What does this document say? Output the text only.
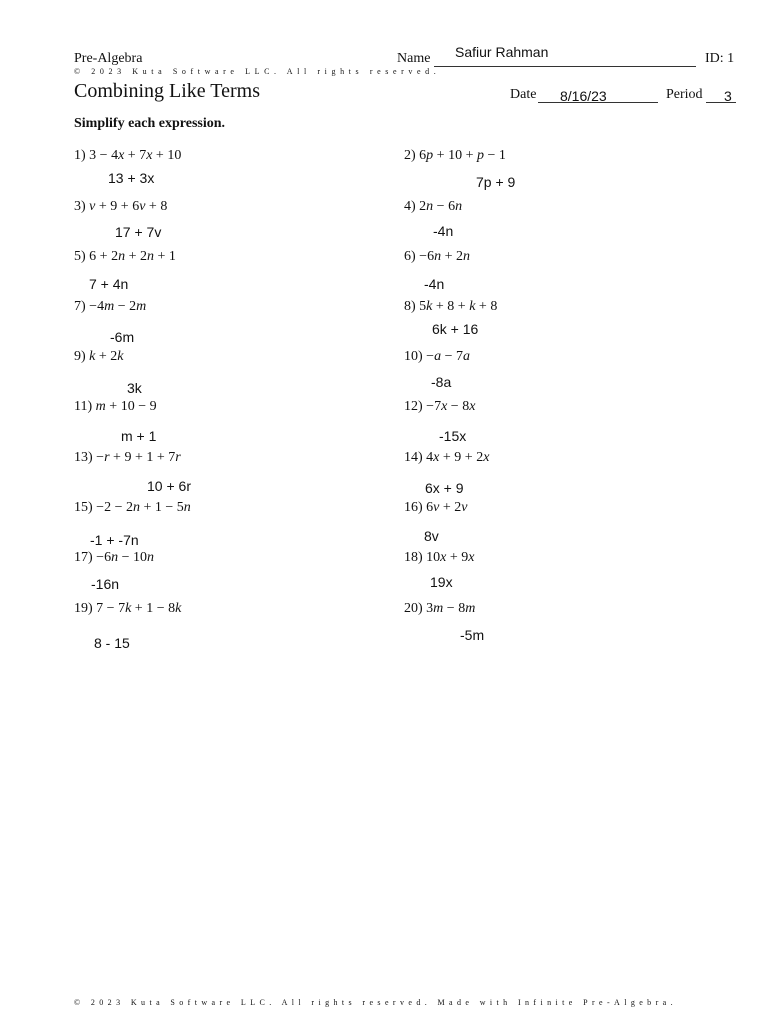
Pre-Algebra	Name Safiur Rahman	ID: 1
© 2023 Kuta Software LLC. All rights reserved.
Combining Like Terms	Date 8/16/23	Period 3
Simplify each expression.
1) 3 − 4x + 7x + 10
13 + 3x
2) 6p + 10 + p − 1
7p + 9
3) v + 9 + 6v + 8
17 + 7v
4) 2n − 6n
-4n
5) 6 + 2n + 2n + 1
7 + 4n
6) −6n + 2n
-4n
7) −4m − 2m
-6m
8) 5k + 8 + k + 8
6k + 16
9) k + 2k
3k
10) −a − 7a
-8a
11) m + 10 − 9
m + 1
12) −7x − 8x
-15x
13) −r + 9 + 1 + 7r
10 + 6r
14) 4x + 9 + 2x
6x + 9
15) −2 − 2n + 1 − 5n
-1 + -7n
16) 6v + 2v
8v
17) −6n − 10n
-16n
18) 10x + 9x
19x
19) 7 − 7k + 1 − 8k
8 - 15
20) 3m − 8m
-5m
© 2023 Kuta Software LLC. All rights reserved. Made with Infinite Pre-Algebra.
